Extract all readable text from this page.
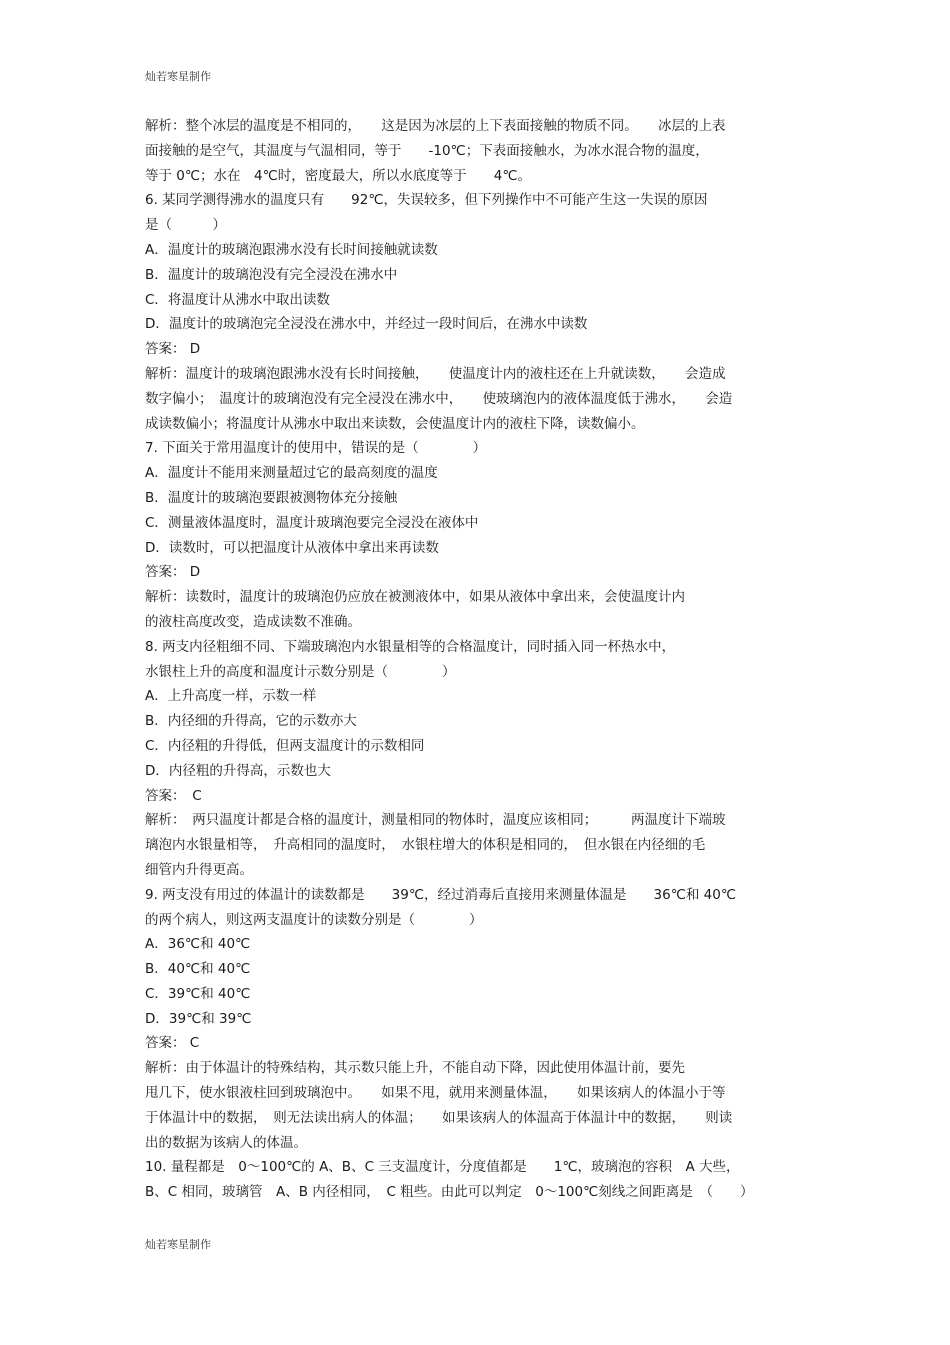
灿若寒星制作
解析：整个冰层的温度是不相同的，　　这是因为冰层的上下表面接触的物质不同。　　冰层的上表
面接触的是空气，其温度与气温相同，等于　　-10℃；下表面接触水，为冰水混合物的温度，
等于 0℃；水在　4℃时，密度最大，所以水底度等于　　4℃。
6. 某同学测得沸水的温度只有　　92℃，失误较多，但下列操作中不可能产生这一失误的原因
是（　　　）
A．温度计的玻璃泡跟沸水没有长时间接触就读数
B．温度计的玻璃泡没有完全浸没在沸水中
C．将温度计从沸水中取出读数
D．温度计的玻璃泡完全浸没在沸水中，并经过一段时间后，在沸水中读数
答案： D
解析：温度计的玻璃泡跟沸水没有长时间接触，　　使温度计内的液柱还在上升就读数，　　会造成
数字偏小；　温度计的玻璃泡没有完全浸没在沸水中，　　使玻璃泡内的液体温度低于沸水，　　会造
成读数偏小；将温度计从沸水中取出来读数，会使温度计内的液柱下降，读数偏小。
7. 下面关于常用温度计的使用中，错误的是（　　　　）
A．温度计不能用来测量超过它的最高刻度的温度
B．温度计的玻璃泡要跟被测物体充分接触
C．测量液体温度时，温度计玻璃泡要完全浸没在液体中
D．读数时，可以把温度计从液体中拿出来再读数
答案： D
解析：读数时，温度计的玻璃泡仍应放在被测液体中，如果从液体中拿出来，会使温度计内
的液柱高度改变，造成读数不准确。
8. 两支内径粗细不同、下端玻璃泡内水银量相等的合格温度计，同时插入同一杯热水中，
水银柱上升的高度和温度计示数分别是（　　　　）
A．上升高度一样，示数一样
B．内径细的升得高，它的示数亦大
C．内径粗的升得低，但两支温度计的示数相同
D．内径粗的升得高，示数也大
答案：　C
解析：　两只温度计都是合格的温度计，测量相同的物体时，温度应该相同；　　　两温度计下端玻
璃泡内水银量相等，　升高相同的温度时，　水银柱增大的体积是相同的，　但水银在内径细的毛
细管内升得更高。
9. 两支没有用过的体温计的读数都是　　39℃，经过消毒后直接用来测量体温是　　36℃和 40℃
的两个病人，则这两支温度计的读数分别是（　　　　）
A．36℃和 40℃
B．40℃和 40℃
C．39℃和 40℃
D．39℃和 39℃
答案： C
解析：由于体温计的特殊结构，其示数只能上升，不能自动下降，因此使用体温计前，要先
甩几下，使水银液柱回到玻璃泡中。　　如果不甩，就用来测量体温，　　如果该病人的体温小于等
于体温计中的数据，　则无法读出病人的体温；　　如果该病人的体温高于体温计中的数据，　　则读
出的数据为该病人的体温。
10. 量程都是　0～100℃的 A、B、C 三支温度计，分度值都是　　1℃，玻璃泡的容积　A 大些，
B、C 相同，玻璃管　A、B 内径相同，　C 粗些。由此可以判定　0～100℃刻线之间距离是　（　　）
灿若寒星制作
